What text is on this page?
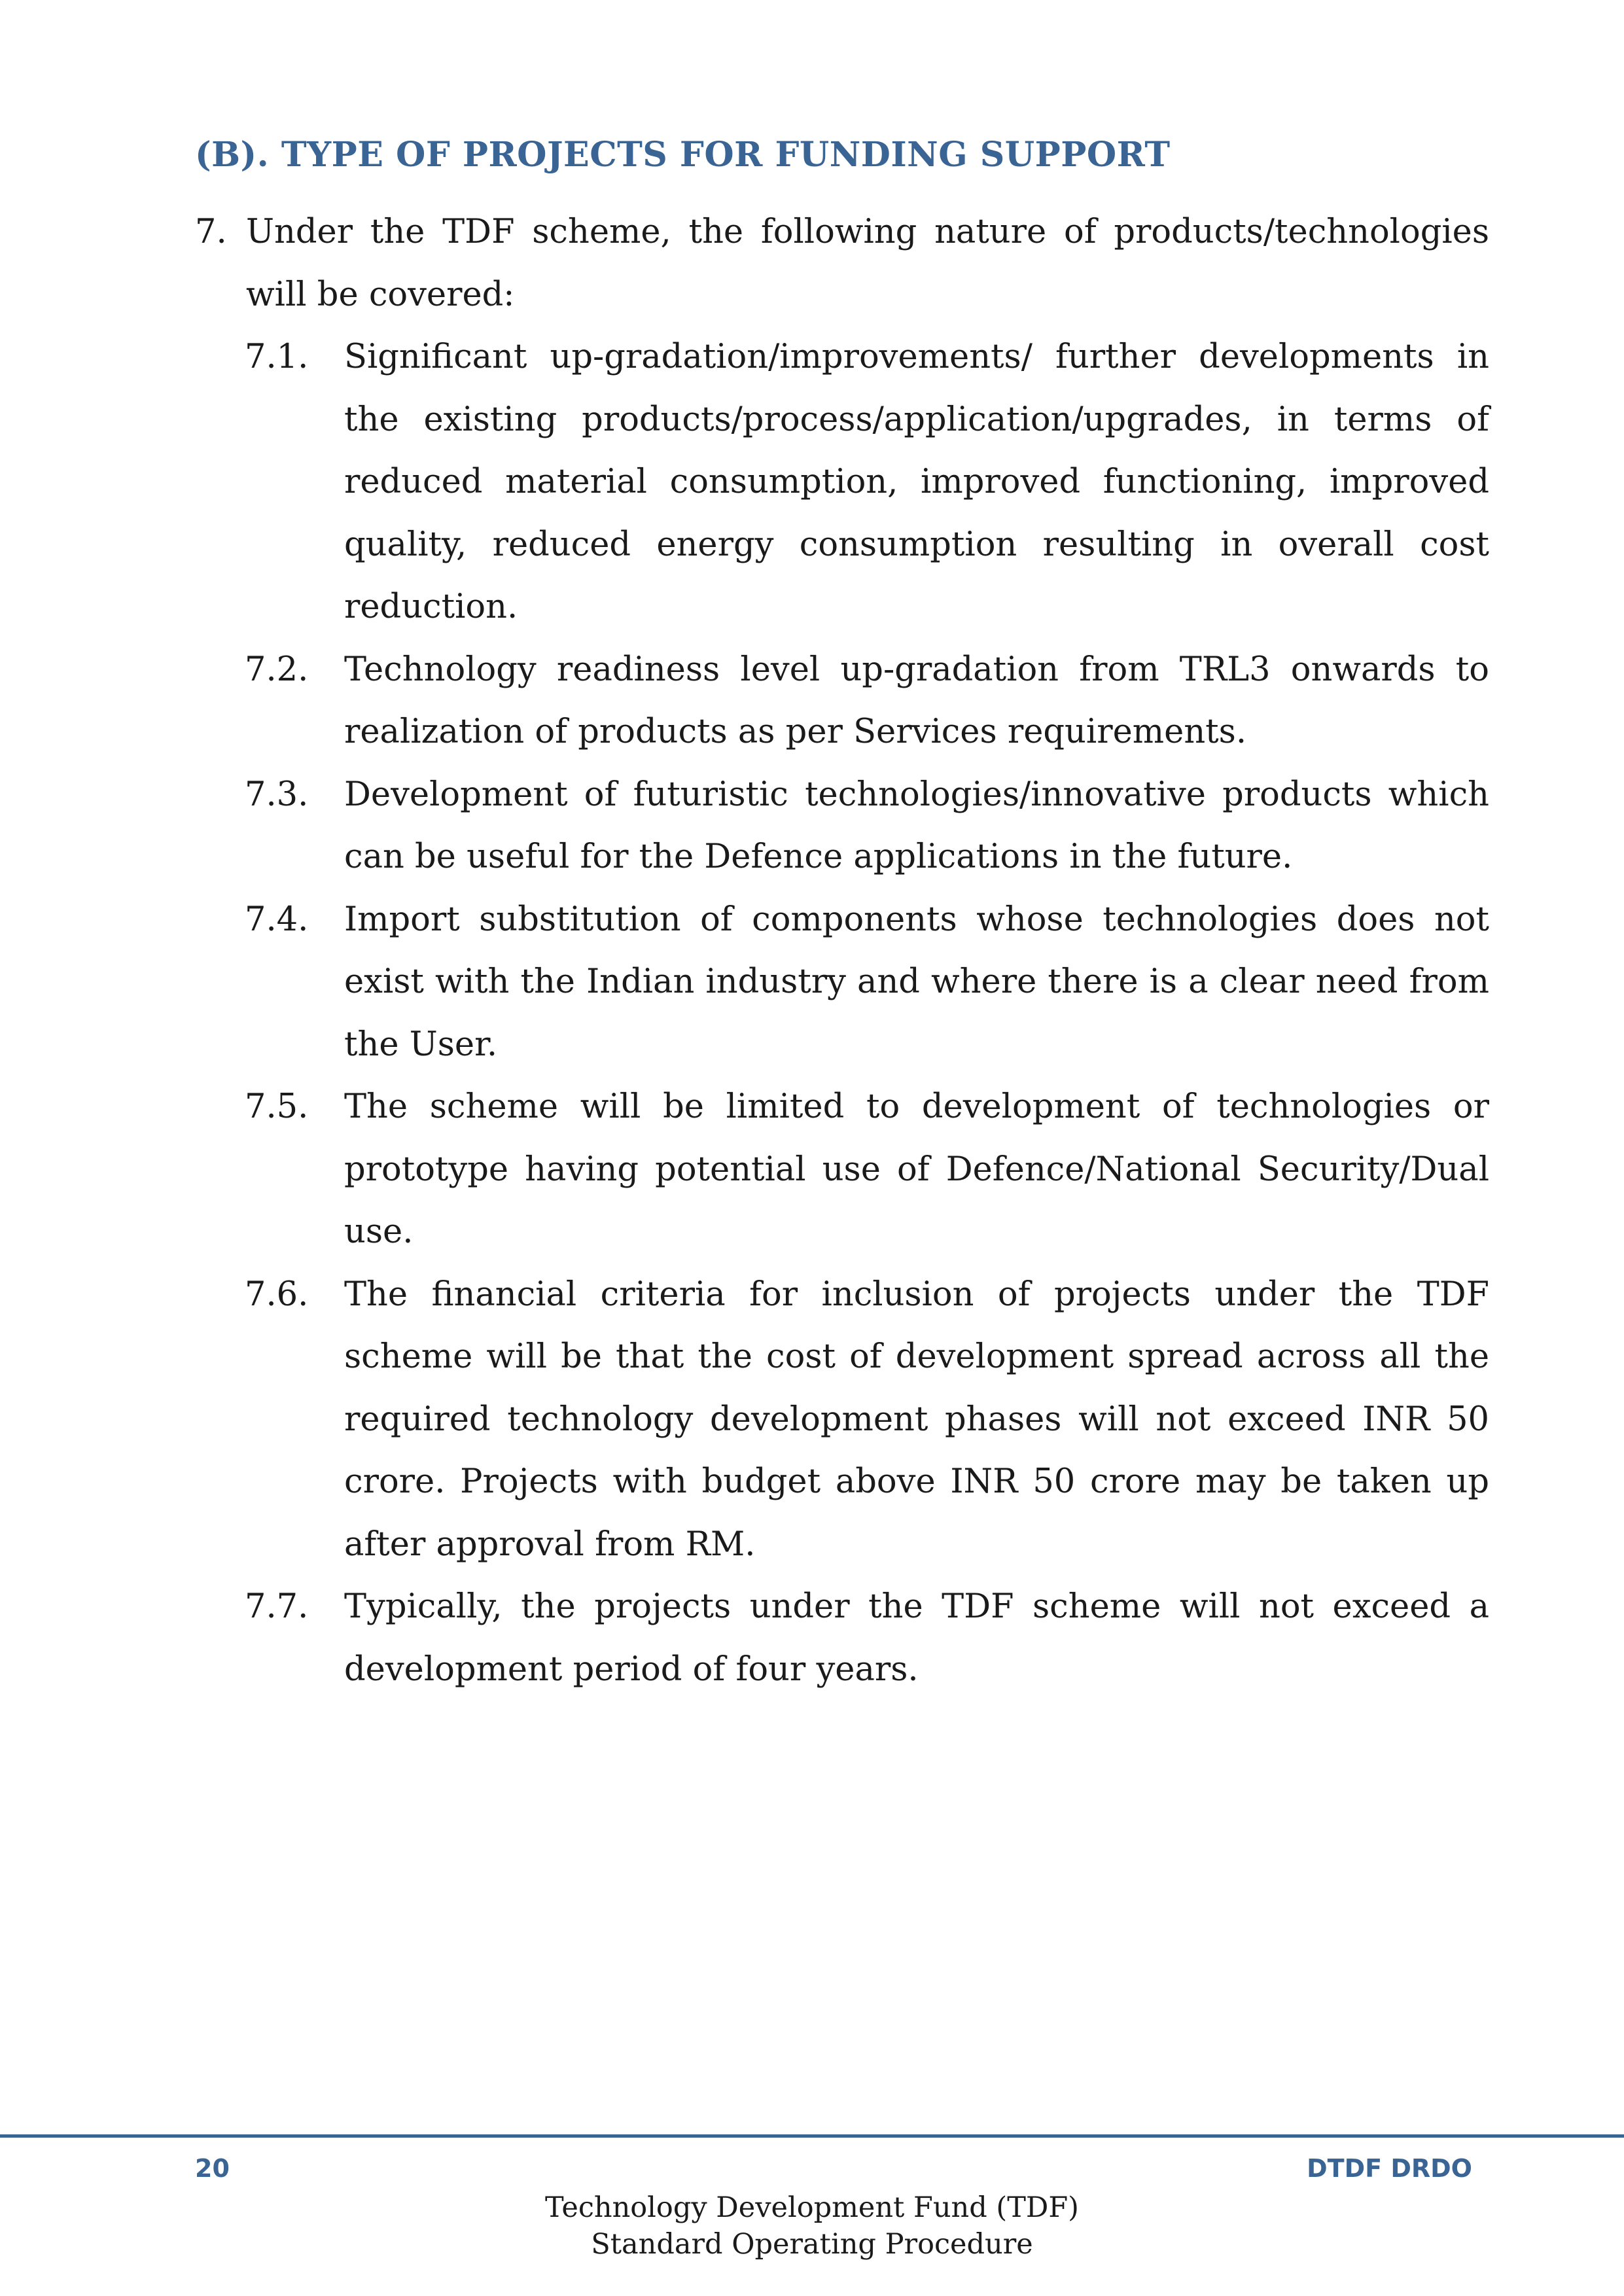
(B). TYPE OF PROJECTS FOR FUNDING SUPPORT
7. Under the TDF scheme, the following nature of products/technologies will be covered:
7.1. Significant up-gradation/improvements/ further developments in the existing products/process/application/upgrades, in terms of reduced material consumption, improved functioning, improved quality, reduced energy consumption resulting in overall cost reduction.
7.2. Technology readiness level up-gradation from TRL3 onwards to realization of products as per Services requirements.
7.3. Development of futuristic technologies/innovative products which can be useful for the Defence applications in the future.
7.4. Import substitution of components whose technologies does not exist with the Indian industry and where there is a clear need from the User.
7.5. The scheme will be limited to development of technologies or prototype having potential use of Defence/National Security/Dual use.
7.6. The financial criteria for inclusion of projects under the TDF scheme will be that the cost of development spread across all the required technology development phases will not exceed INR 50 crore. Projects with budget above INR 50 crore may be taken up after approval from RM.
7.7. Typically, the projects under the TDF scheme will not exceed a development period of four years.
20	DTDF DRDO
Technology Development Fund (TDF)
Standard Operating Procedure
